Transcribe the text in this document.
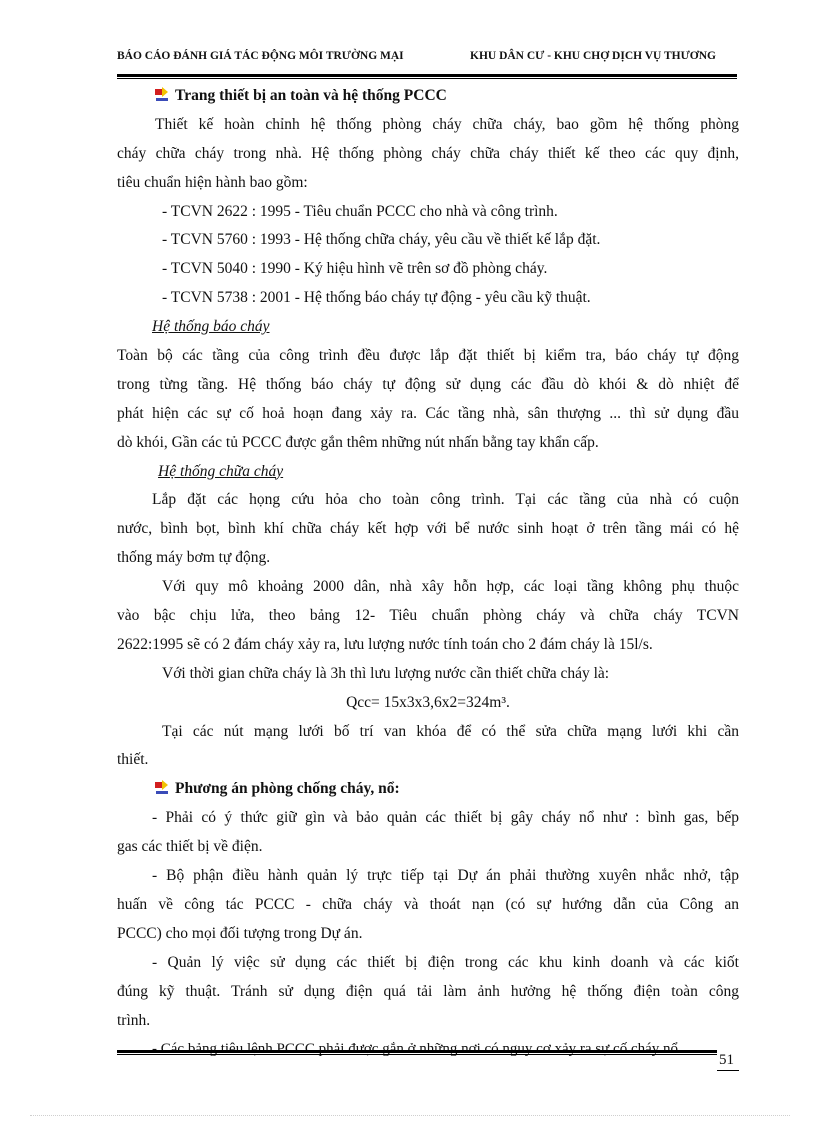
BÁO CÁO ĐÁNH GIÁ TÁC ĐỘNG MÔI TRƯỜNG MẠI	KHU DÂN CƯ - KHU CHỢ DỊCH VỤ THƯƠNG
Trang thiết bị an toàn và hệ thống PCCC
Thiết kế hoàn chỉnh hệ thống phòng cháy chữa cháy, bao gồm hệ thống phòng
cháy chữa cháy trong nhà. Hệ thống phòng cháy chữa cháy thiết kế theo các quy định,
tiêu chuẩn hiện hành bao gồm:
- TCVN 2622 : 1995 - Tiêu chuẩn PCCC cho nhà và công trình.
- TCVN 5760 : 1993 - Hệ thống chữa cháy, yêu cầu về thiết kế lắp đặt.
- TCVN 5040 : 1990 - Ký hiệu hình vẽ trên sơ đồ phòng cháy.
- TCVN 5738 : 2001 - Hệ thống báo cháy tự động - yêu cầu kỹ thuật.
Hệ thống báo cháy
Toàn bộ các tầng của công trình đều được lắp đặt thiết bị kiểm tra, báo cháy tự động
trong từng tầng. Hệ thống báo cháy tự động sử dụng các đầu dò khói & dò nhiệt để
phát hiện các sự cố hoả hoạn đang xảy ra. Các tầng nhà, sân thượng ... thì sử dụng đầu
dò khói, Gần các tủ PCCC được gắn thêm những nút nhấn bằng tay khẩn cấp.
Hệ thống chữa cháy
Lắp đặt các họng cứu hỏa cho toàn công trình. Tại các tầng của nhà có cuộn
nước, bình bọt, bình khí chữa cháy kết hợp với bể nước sinh hoạt ở trên tầng mái có hệ
thống máy bơm tự động.
Với quy mô khoảng 2000 dân, nhà xây hỗn hợp, các loại tầng không phụ thuộc
vào bậc chịu lửa, theo bảng 12- Tiêu chuẩn phòng cháy và chữa cháy TCVN
2622:1995 sẽ có 2 đám cháy xảy ra, lưu lượng nước tính toán cho 2 đám cháy là 15l/s.
Với thời gian chữa cháy là 3h thì lưu lượng nước cần thiết chữa cháy là:
Qcc= 15x3x3,6x2=324m³.
Tại các nút mạng lưới bố trí van khóa để có thể sửa chữa mạng lưới khi cần
thiết.
Phương án phòng chống cháy, nổ:
- Phải có ý thức giữ gìn và bảo quản các thiết bị gây cháy nổ như : bình gas, bếp
gas các thiết bị về điện.
- Bộ phận điều hành quản lý trực tiếp tại Dự án phải thường xuyên nhắc nhở, tập
huấn về công tác PCCC - chữa cháy và thoát nạn (có sự hướng dẫn của Công an
PCCC) cho mọi đối tượng trong Dự án.
- Quản lý việc sử dụng các thiết bị điện trong các khu kinh doanh và các kiốt
đúng kỹ thuật. Tránh sử dụng điện quá tải làm ảnh hưởng hệ thống điện toàn công
trình.
51
